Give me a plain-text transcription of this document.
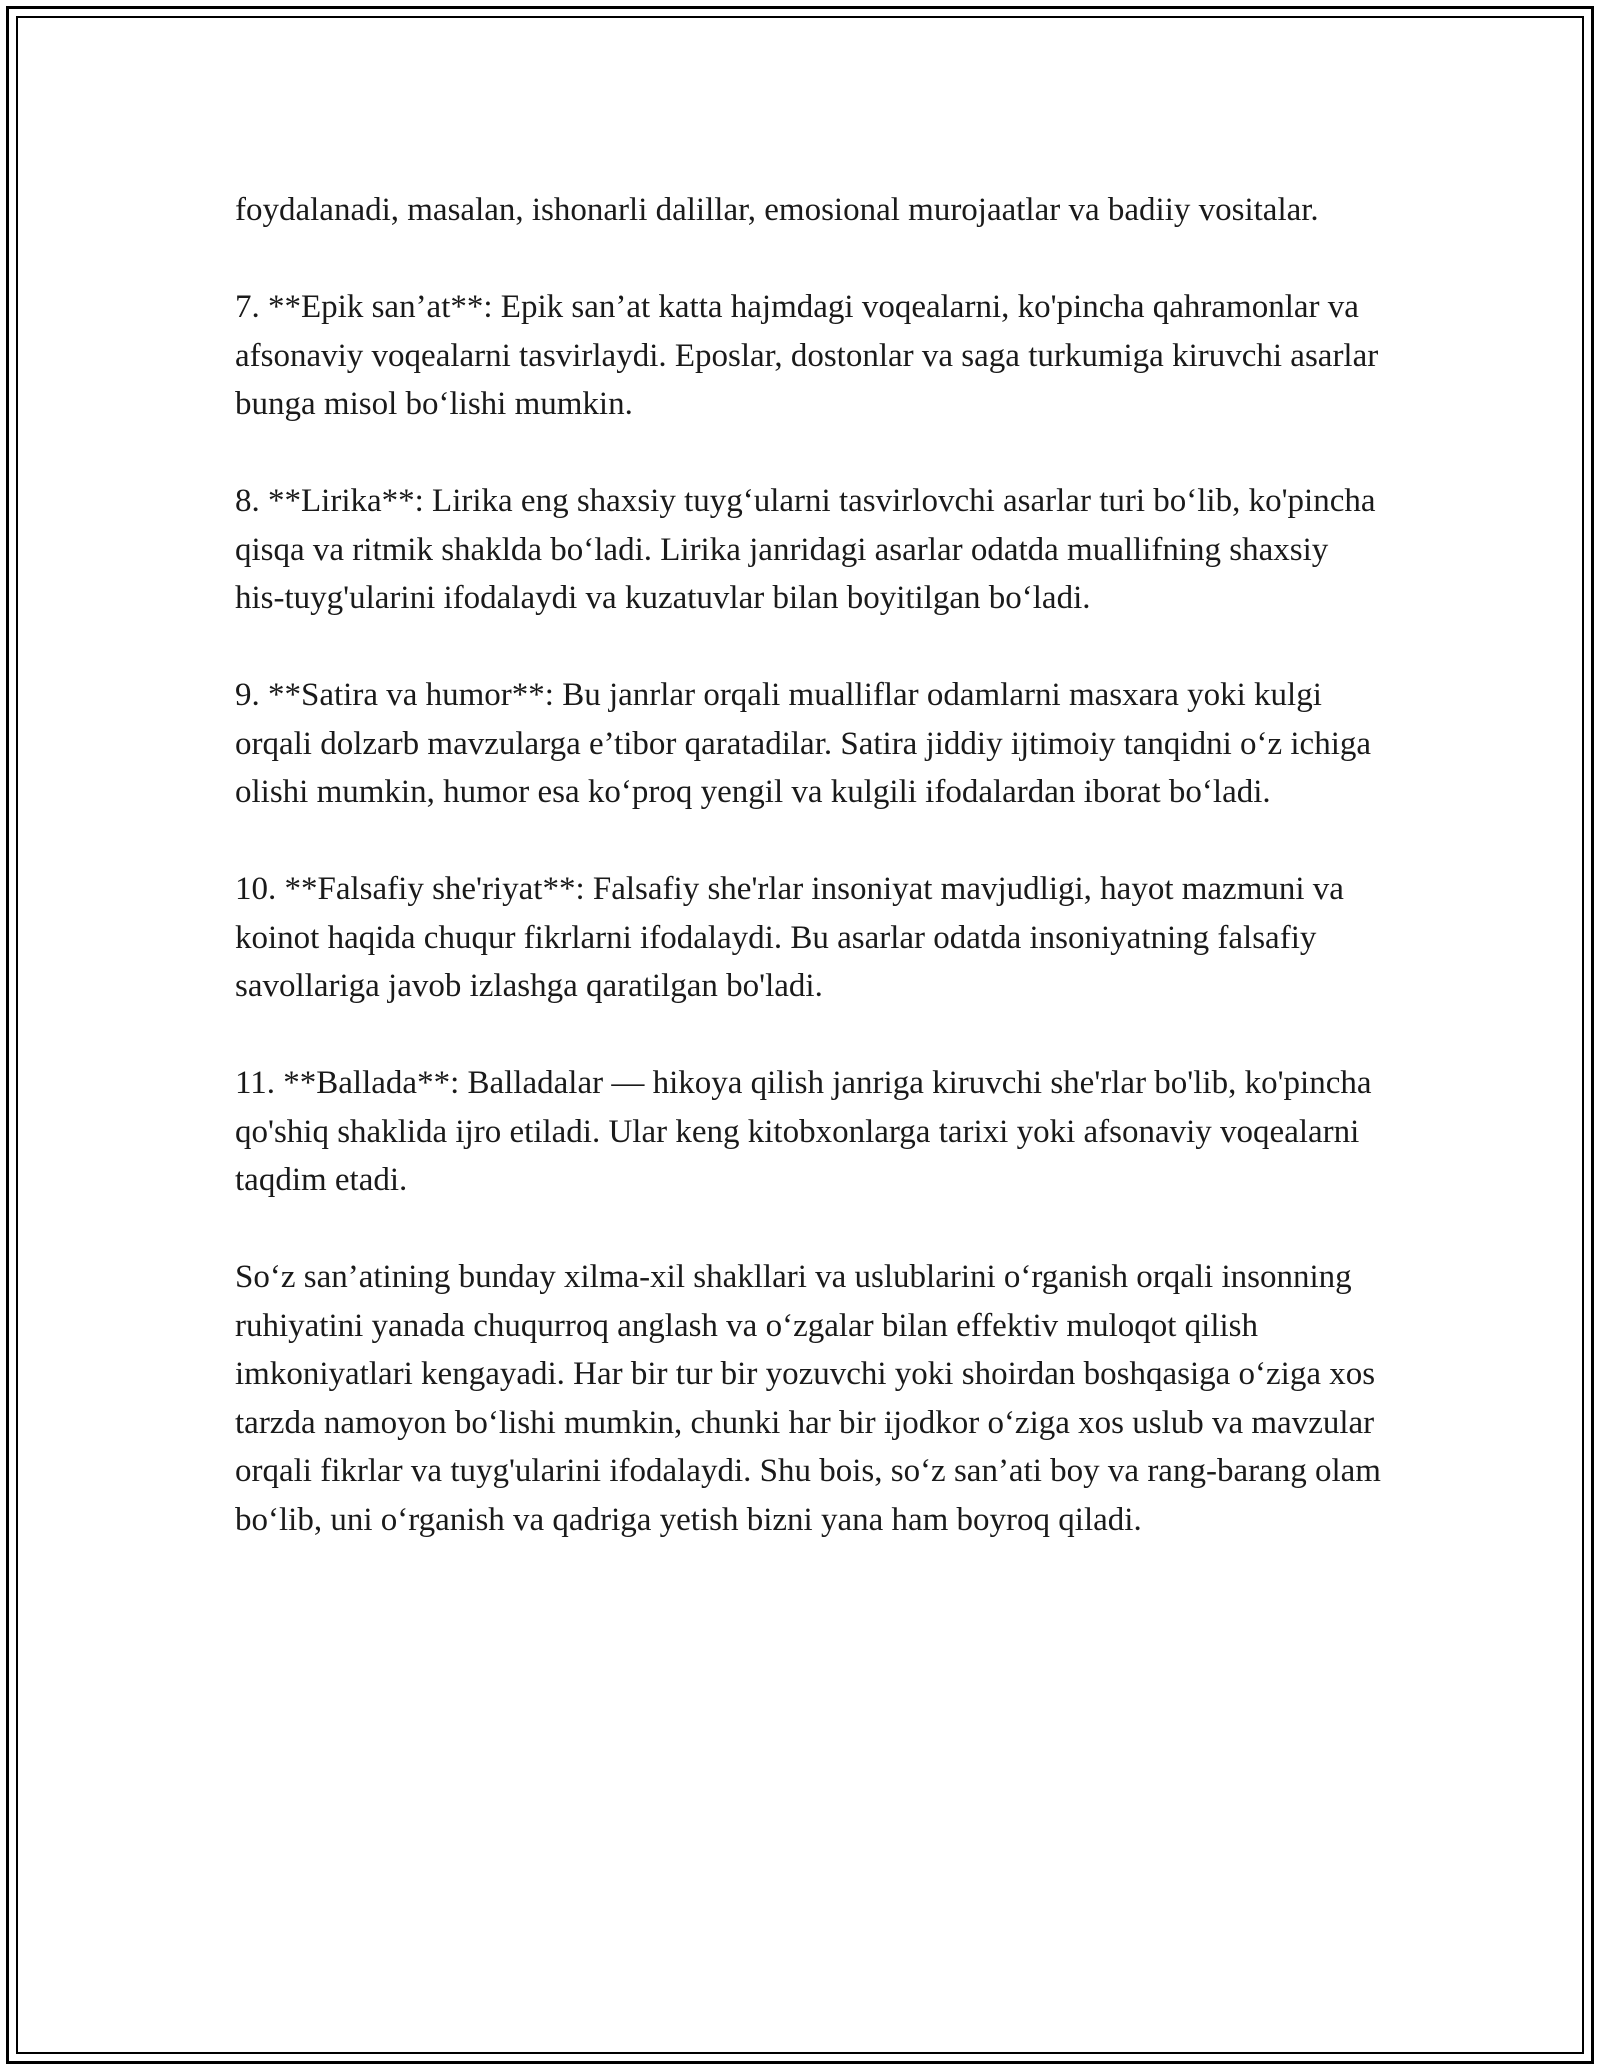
foydalanadi, masalan, ishonarli dalillar, emosional murojaatlar va badiiy vositalar.

7. **Epik san’at**: Epik san’at katta hajmdagi voqealarni, ko'pincha qahramonlar va afsonaviy voqealarni tasvirlaydi. Eposlar, dostonlar va saga turkumiga kiruvchi asarlar bunga misol bo‘lishi mumkin.

8. **Lirika**: Lirika eng shaxsiy tuyg‘ularni tasvirlovchi asarlar turi bo‘lib, ko'pincha qisqa va ritmik shaklda bo‘ladi. Lirika janridagi asarlar odatda muallifning shaxsiy his-tuyg'ularini ifodalaydi va kuzatuvlar bilan boyitilgan bo‘ladi.

9. **Satira va humor**: Bu janrlar orqali mualliflar odamlarni masxara yoki kulgi orqali dolzarb mavzularga e’tibor qaratadilar. Satira jiddiy ijtimoiy tanqidni o‘z ichiga olishi mumkin, humor esa ko‘proq yengil va kulgili ifodalardan iborat bo‘ladi.

10. **Falsafiy she'riyat**: Falsafiy she'rlar insoniyat mavjudligi, hayot mazmuni va koinot haqida chuqur fikrlarni ifodalaydi. Bu asarlar odatda insoniyatning falsafiy savollariga javob izlashga qaratilgan bo'ladi.

11. **Ballada**: Balladalar — hikoya qilish janriga kiruvchi she'rlar bo'lib, ko'pincha qo'shiq shaklida ijro etiladi. Ular keng kitobxonlarga tarixi yoki afsonaviy voqealarni taqdim etadi.

So‘z san’atining bunday xilma-xil shakllari va uslublarini o‘rganish orqali insonning ruhiyatini yanada chuqurroq anglash va o‘zgalar bilan effektiv muloqot qilish imkoniyatlari kengayadi. Har bir tur bir yozuvchi yoki shoirdan boshqasiga o‘ziga xos tarzda namoyon bo‘lishi mumkin, chunki har bir ijodkor o‘ziga xos uslub va mavzular orqali fikrlar va tuyg'ularini ifodalaydi. Shu bois, so‘z san’ati boy va rang-barang olam bo‘lib, uni o‘rganish va qadriga yetish bizni yana ham boyroq qiladi.
